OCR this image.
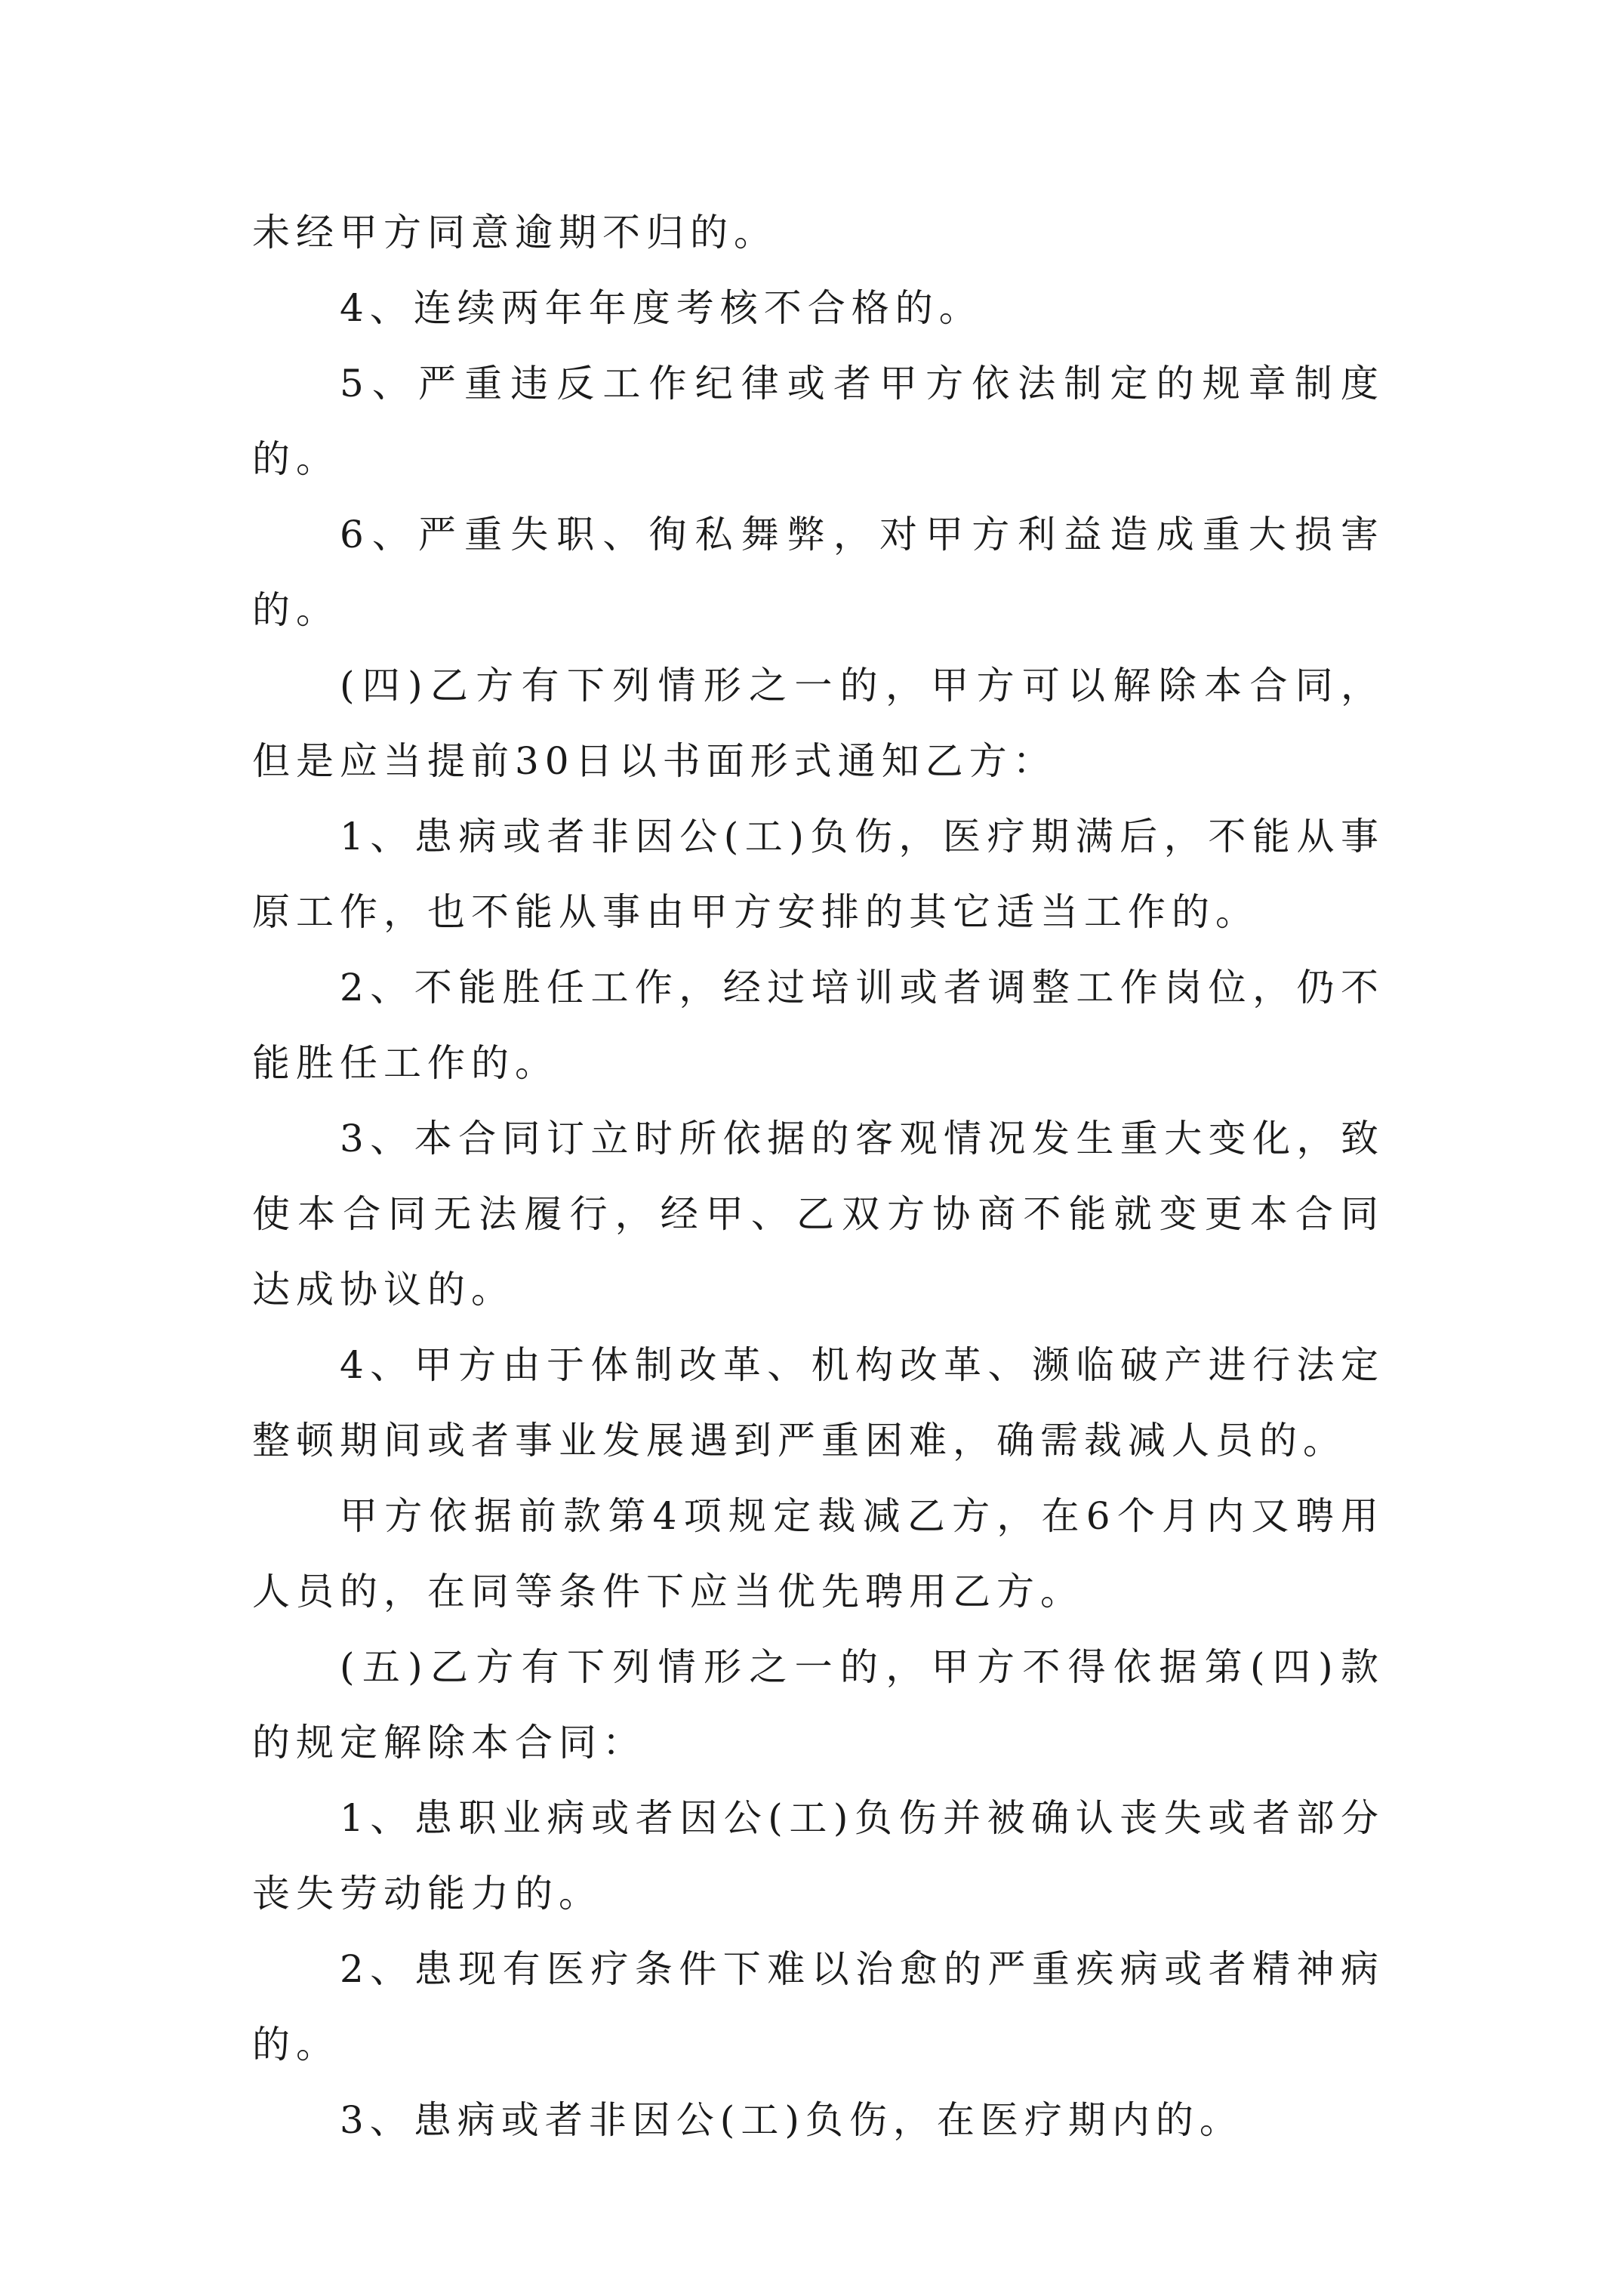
未经甲方同意逾期不归的。

4、连续两年年度考核不合格的。

5、严重违反工作纪律或者甲方依法制定的规章制度的。

6、严重失职、徇私舞弊，对甲方利益造成重大损害的。

(四)乙方有下列情形之一的，甲方可以解除本合同，但是应当提前30日以书面形式通知乙方：

1、患病或者非因公(工)负伤，医疗期满后，不能从事原工作，也不能从事由甲方安排的其它适当工作的。

2、不能胜任工作，经过培训或者调整工作岗位，仍不能胜任工作的。

3、本合同订立时所依据的客观情况发生重大变化，致使本合同无法履行，经甲、乙双方协商不能就变更本合同达成协议的。

4、甲方由于体制改革、机构改革、濒临破产进行法定整顿期间或者事业发展遇到严重困难，确需裁减人员的。

甲方依据前款第4项规定裁减乙方，在6个月内又聘用人员的，在同等条件下应当优先聘用乙方。

(五)乙方有下列情形之一的，甲方不得依据第(四)款的规定解除本合同：

1、患职业病或者因公(工)负伤并被确认丧失或者部分丧失劳动能力的。

2、患现有医疗条件下难以治愈的严重疾病或者精神病的。

3、患病或者非因公(工)负伤，在医疗期内的。
